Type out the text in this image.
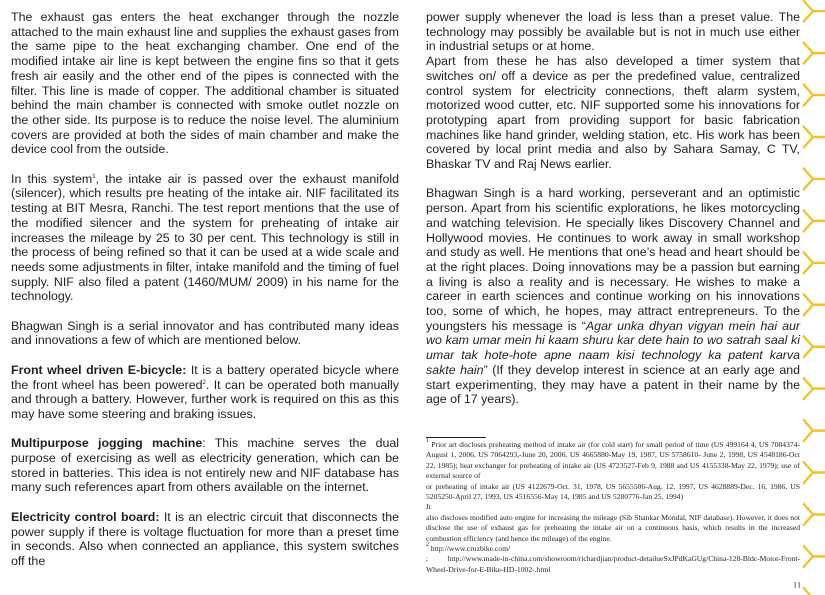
The exhaust gas enters the heat exchanger through the nozzle attached to the main exhaust line and supplies the exhaust gases from the same pipe to the heat exchanging chamber. One end of the modified intake air line is kept between the engine fins so that it gets fresh air easily and the other end of the pipes is connected with the filter. This line is made of copper. The additional chamber is situated behind the main chamber is connected with smoke outlet nozzle on the other side. Its purpose is to reduce the noise level. The aluminium covers are provided at both the sides of main chamber and make the device cool from the outside.

In this system$^1$, the intake air is passed over the exhaust manifold (silencer), which results pre heating of the intake air. NIF facilitated its testing at BIT Mesra, Ranchi. The test report mentions that the use of the modified silencer and the system for preheating of intake air increases the mileage by 25 to 30 per cent. This technology is still in the process of being refined so that it can be used at a wide scale and needs some adjustments in filter, intake manifold and the timing of fuel supply. NIF also filed a patent (1460/MUM/ 2009) in his name for the technology.

Bhagwan Singh is a serial innovator and has contributed many ideas and innovations a few of which are mentioned below.

Front wheel driven E-bicycle: It is a battery operated bicycle where the front wheel has been powered$^2$. It can be operated both manually and through a battery. However, further work is required on this as this may have some steering and braking issues.

Multipurpose jogging machine: This machine serves the dual purpose of exercising as well as electricity generation, which can be stored in batteries. This idea is not entirely new and NIF database has many such references apart from others available on the internet.

Electricity control board: It is an electric circuit that disconnects the power supply if there is voltage fluctuation for more than a preset time in seconds. Also when connected an appliance, this system switches off the

power supply whenever the load is less than a preset value. The technology may possibly be available but is not in much use either in industrial setups or at home.

Apart from these he has also developed a timer system that switches on/ off a device as per the predefined value, centralized control system for electricity connections, theft alarm system, motorized wood cutter, etc. NIF supported some his innovations for prototyping apart from providing support for basic fabrication machines like hand grinder, welding station, etc. His work has been covered by local print media and also by Sahara Samay, C TV, Bhaskar TV and Raj News earlier.

Bhagwan Singh is a hard working, perseverant and an optimistic person. Apart from his scientific explorations, he likes motorcycling and watching television. He specially likes Discovery Channel and Hollywood movies. He continues to work away in small workshop and study as well. He mentions that one’s head and heart should be at the right places. Doing innovations may be a passion but earning a living is also a reality and is necessary. He wishes to make a career in earth sciences and continue working on his innovations too, some of which, he hopes, may attract entrepreneurs. To the youngsters his message is “Agar unka dhyan vigyan mein hai aur wo kam umar mein hi kaam shuru kar dete hain to wo satrah saal ki umar tak hote-hote apne naam kisi technology ka patent karva sakte hain” (If they develop interest in science at an early age and start experimenting, they may have a patent in their name by the age of 17 years).

$^1$ Prior art discloses preheating method of intake air (for cold start) for small period of time (US 499164 4, US 7084374-August 1, 2006, US 7064293,-June 20, 2006, US 4665880-May 19, 1987, US 5758610- June 2, 1998, US 4548186-Oct 22, 1985); heat exchanger for preheating of intake air (US 4723527-Feb 9, 1988 and US 4155338-May 22, 1979); use of external source of

or preheating of intake air (US 4122679-Oct. 31, 1978, US 5655506-Aug. 12, 1997, US 4628889-Dec. 16, 1986, US 5205250-April 27, 1993, US 4516556-May 14, 1985 and US 5280776-Jan 25, 1994)

It

also discloses modified auto engine for increasing the mileage (Sib Shankar Mondal, NIF database). However, it does not disclose the use of exhaust gas for preheating the intake air on a continuous basis, which results in the increased combustion efficiency (and hence the mileage) of the engine.

$^2$ http://www.cruzbike.com/

; http://www.made-in-china.com/showroom/richardjian/product-detailueSxJPdKaGUg/China-128-Bldc-Motor-Front-Wheel-Drive-for-E-Bike-HD-1002-.html

l l
